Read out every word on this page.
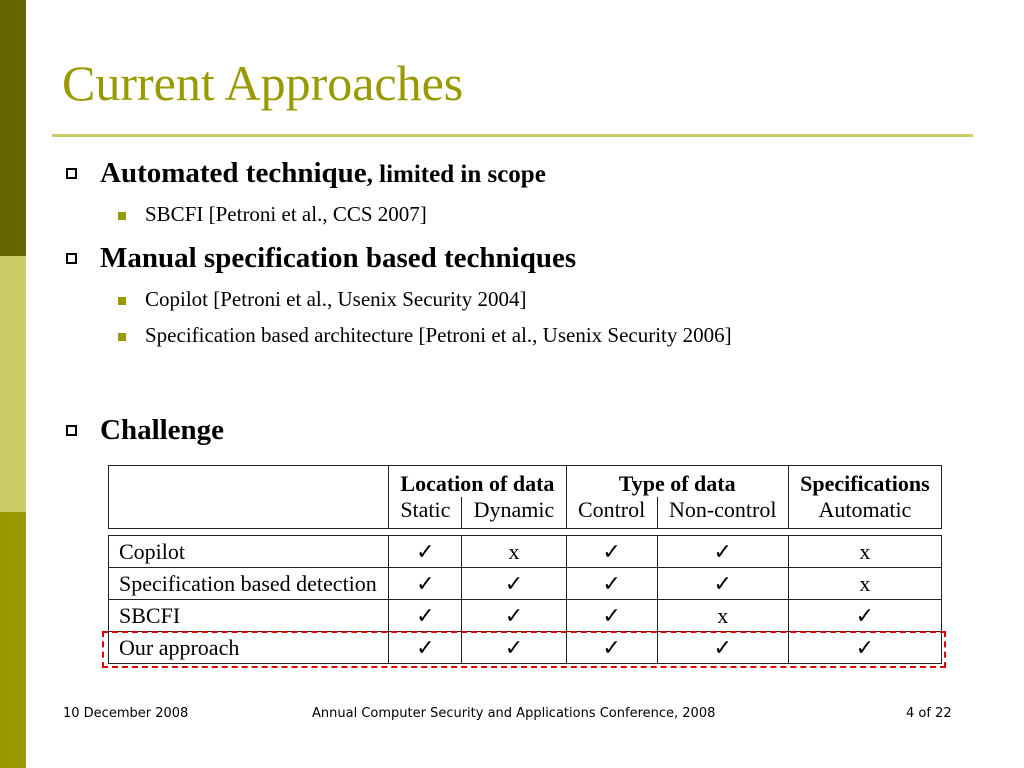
Current Approaches
Automated technique, limited in scope
SBCFI [Petroni et al., CCS 2007]
Manual specification based techniques
Copilot [Petroni et al., Usenix Security 2004]
Specification based architecture [Petroni et al., Usenix Security 2006]
Challenge
	Location of data		Type of data		Specifications
	Static	Dynamic	Control	Non-control	Automatic

Copilot	✓	x	✓	✓	x
Specification based detection	✓	✓	✓	✓	x
SBCFI	✓	✓	✓	x	✓
Our approach	✓	✓	✓	✓	✓
10 December 2008	Annual Computer Security and Applications Conference, 2008	4 of 22
